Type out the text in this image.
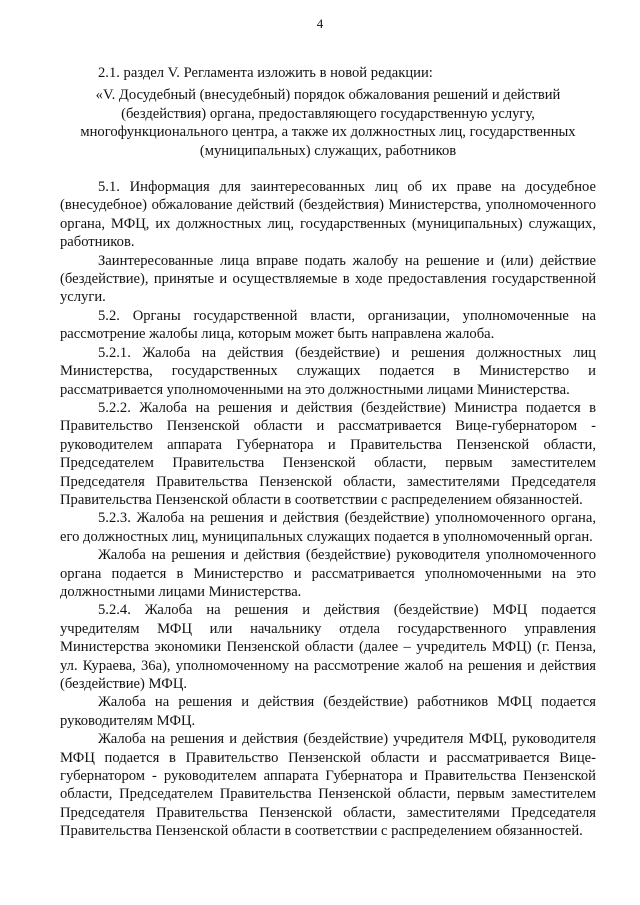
4

2.1. раздел V. Регламента изложить в новой редакции:

«V. Досудебный (внесудебный) порядок обжалования решений и действий
(бездействия) органа, предоставляющего государственную услугу,
многофункционального центра, а также их должностных лиц, государственных
(муниципальных) служащих, работников

5.1. Информация для заинтересованных лиц об их праве на досудебное (внесудебное) обжалование действий (бездействия) Министерства, уполномоченного органа, МФЦ, их должностных лиц, государственных (муниципальных) служащих, работников.

Заинтересованные лица вправе подать жалобу на решение и (или) действие (бездействие), принятые и осуществляемые в ходе предоставления государственной услуги.

5.2. Органы государственной власти, организации, уполномоченные на рассмотрение жалобы лица, которым может быть направлена жалоба.

5.2.1. Жалоба на действия (бездействие) и решения должностных лиц Министерства, государственных служащих подается в Министерство и рассматривается уполномоченными на это должностными лицами Министерства.

5.2.2. Жалоба на решения и действия (бездействие) Министра подается в Правительство Пензенской области и рассматривается Вице-губернатором - руководителем аппарата Губернатора и Правительства Пензенской области, Председателем Правительства Пензенской области, первым заместителем Председателя Правительства Пензенской области, заместителями Председателя Правительства Пензенской области в соответствии с распределением обязанностей.

5.2.3. Жалоба на решения и действия (бездействие) уполномоченного органа, его должностных лиц, муниципальных служащих подается в уполномоченный орган.

Жалоба на решения и действия (бездействие) руководителя уполномоченного органа подается в Министерство и рассматривается уполномоченными на это должностными лицами Министерства.

5.2.4. Жалоба на решения и действия (бездействие) МФЦ подается учредителям МФЦ или начальнику отдела государственного управления Министерства экономики Пензенской области (далее – учредитель МФЦ) (г. Пенза, ул. Кураева, 36а), уполномоченному на рассмотрение жалоб на решения и действия (бездействие) МФЦ.

Жалоба на решения и действия (бездействие) работников МФЦ подается руководителям МФЦ.

Жалоба на решения и действия (бездействие) учредителя МФЦ, руководителя МФЦ подается в Правительство Пензенской области и рассматривается Вице-губернатором - руководителем аппарата Губернатора и Правительства Пензенской области, Председателем Правительства Пензенской области, первым заместителем Председателя Правительства Пензенской области, заместителями Председателя Правительства Пензенской области в соответствии с распределением обязанностей.
